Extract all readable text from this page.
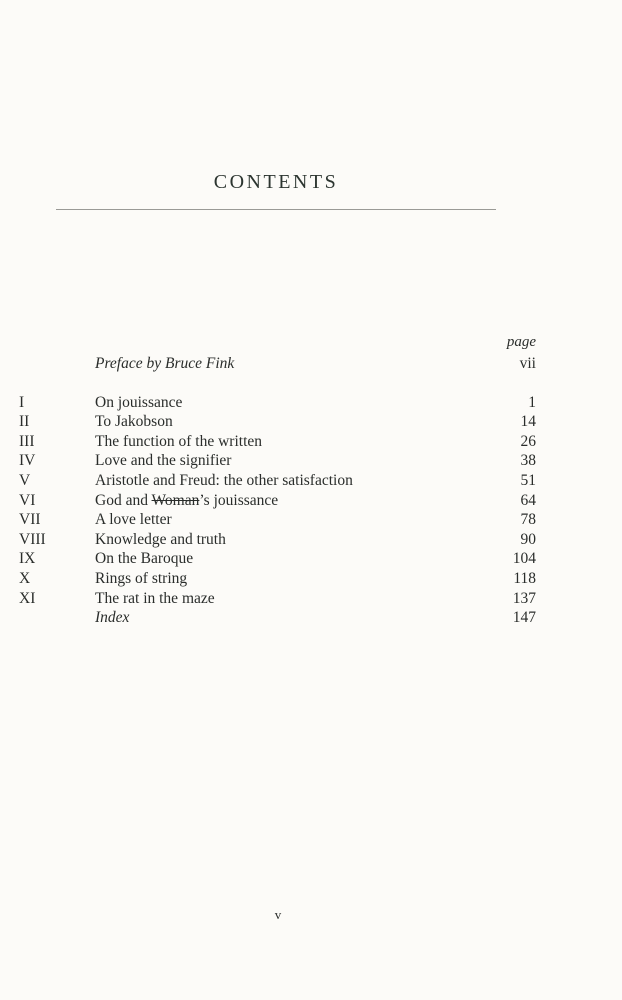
CONTENTS
page
Preface by Bruce Fink	vii
I	On jouissance	1
II	To Jakobson	14
III	The function of the written	26
IV	Love and the signifier	38
V	Aristotle and Freud: the other satisfaction	51
VI	God and Woman’s jouissance	64
VII	A love letter	78
VIII	Knowledge and truth	90
IX	On the Baroque	104
X	Rings of string	118
XI	The rat in the maze	137
Index	147
v
